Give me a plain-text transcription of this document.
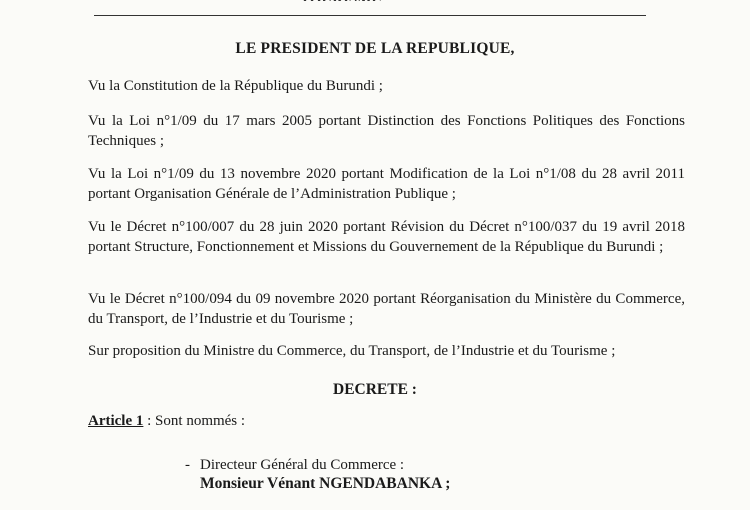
LE PRESIDENT DE LA REPUBLIQUE,
Vu la Constitution de la République du Burundi ;
Vu la Loi n°1/09 du 17 mars 2005 portant Distinction des Fonctions Politiques des Fonctions Techniques ;
Vu la Loi n°1/09 du 13 novembre 2020 portant Modification de la Loi n°1/08 du 28 avril 2011 portant Organisation Générale de l’Administration Publique ;
Vu le Décret n°100/007 du 28 juin 2020 portant Révision du Décret n°100/037 du 19 avril 2018 portant Structure, Fonctionnement et Missions du Gouvernement de la République du Burundi ;
Vu le Décret n°100/094 du 09 novembre 2020 portant Réorganisation du Ministère du Commerce, du Transport, de l’Industrie et du Tourisme ;
Sur proposition du Ministre du Commerce, du Transport, de l’Industrie et du Tourisme ;
DECRETE :
Article 1 : Sont nommés :
- Directeur Général du Commerce :
Monsieur Vénant NGENDABANKA ;
